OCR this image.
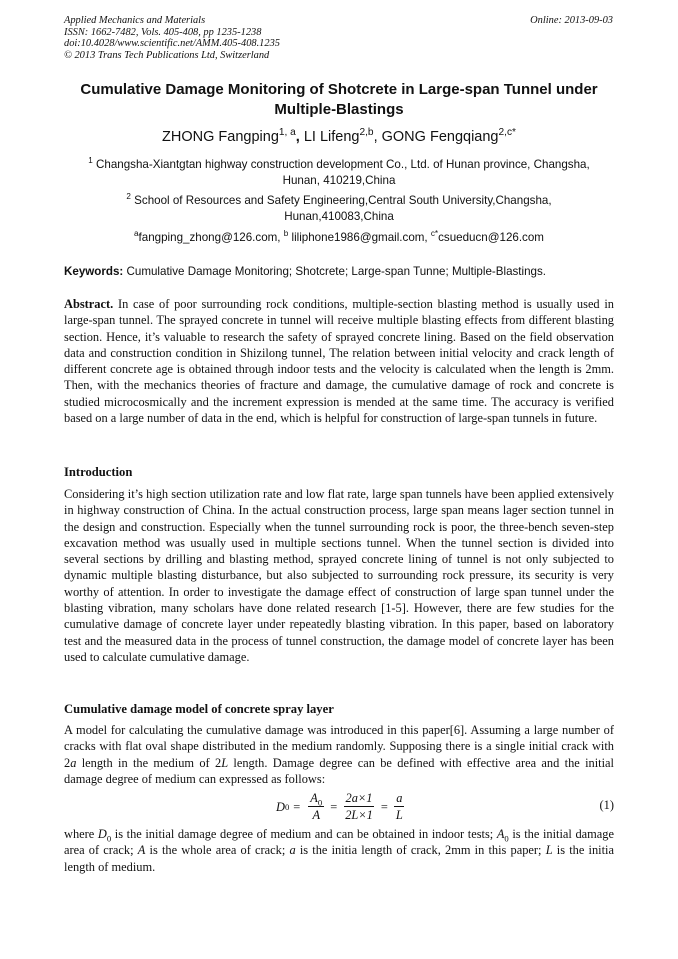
Applied Mechanics and Materials
ISSN: 1662-7482, Vols. 405-408, pp 1235-1238
doi:10.4028/www.scientific.net/AMM.405-408.1235
© 2013 Trans Tech Publications Ltd, Switzerland
Online: 2013-09-03
Cumulative Damage Monitoring of Shotcrete in Large-span Tunnel under
Multiple-Blastings
ZHONG Fangping$^{1, a}$, LI Lifeng$^{2,b}$, GONG Fengqiang$^{2,c*}$
$^1$ Changsha-Xiantgtan highway construction development Co., Ltd. of Hunan province, Changsha,
Hunan, 410219,China
$^2$ School of Resources and Safety Engineering,Central South University,Changsha,
Hunan,410083,China
$^a$fangping_zhong@126.com, $^b$ liliphone1986@gmail.com, $^{c*}$csueducn@126.com
Keywords: Cumulative Damage Monitoring; Shotcrete; Large-span Tunne; Multiple-Blastings.

Abstract. In case of poor surrounding rock conditions, multiple-section blasting method is usually used in large-span tunnel. The sprayed concrete in tunnel will receive multiple blasting effects from different blasting section. Hence, it’s valuable to research the safety of sprayed concrete lining. Based on the field observation data and construction condition in Shizilong tunnel, The relation between initial velocity and crack length of different concrete age is obtained through indoor tests and the velocity is calculated when the length is 2mm. Then, with the mechanics theories of fracture and damage, the cumulative damage of rock and concrete is studied microcosmically and the increment expression is mended at the same time. The accuracy is verified based on a large number of data in the end, which is helpful for construction of large-span tunnels in future.

Introduction

Considering it’s high section utilization rate and low flat rate, large span tunnels have been applied extensively in highway construction of China. In the actual construction process, large span means lager section tunnel in the design and construction. Especially when the tunnel surrounding rock is poor, the three-bench seven-step excavation method was usually used in multiple sections tunnel. When the tunnel section is divided into several sections by drilling and blasting method, sprayed concrete lining of tunnel is not only subjected to dynamic multiple blasting disturbance, but also subjected to surrounding rock pressure, its security is very worthy of attention. In order to investigate the damage effect of construction of large span tunnel under the blasting vibration, many scholars have done related research [1-5]. However, there are few studies for the cumulative damage of concrete layer under repeatedly blasting vibration. In this paper, based on laboratory test and the measured data in the process of tunnel construction, the damage model of concrete layer has been used to calculate cumulative damage.

Cumulative damage model of concrete spray layer

A model for calculating the cumulative damage was introduced in this paper[6]. Assuming a large number of cracks with flat oval shape distributed in the medium randomly. Supposing there is a single initial crack with 2a length in the medium of 2L length. Damage degree can be defined with effective area and the initial damage degree of medium can expressed as follows:

D $0 = \frac{A_0}{A} = \frac{2a\times 1}{2L\times 1} = \frac{a}{L}$	(1)

where $D_0$ is the initial damage degree of medium and can be obtained in indoor tests; $A_0$ is the initial damage area of crack; A is the whole area of crack; a is the initia length of crack, 2mm in this paper; L is the initia length of medium.
